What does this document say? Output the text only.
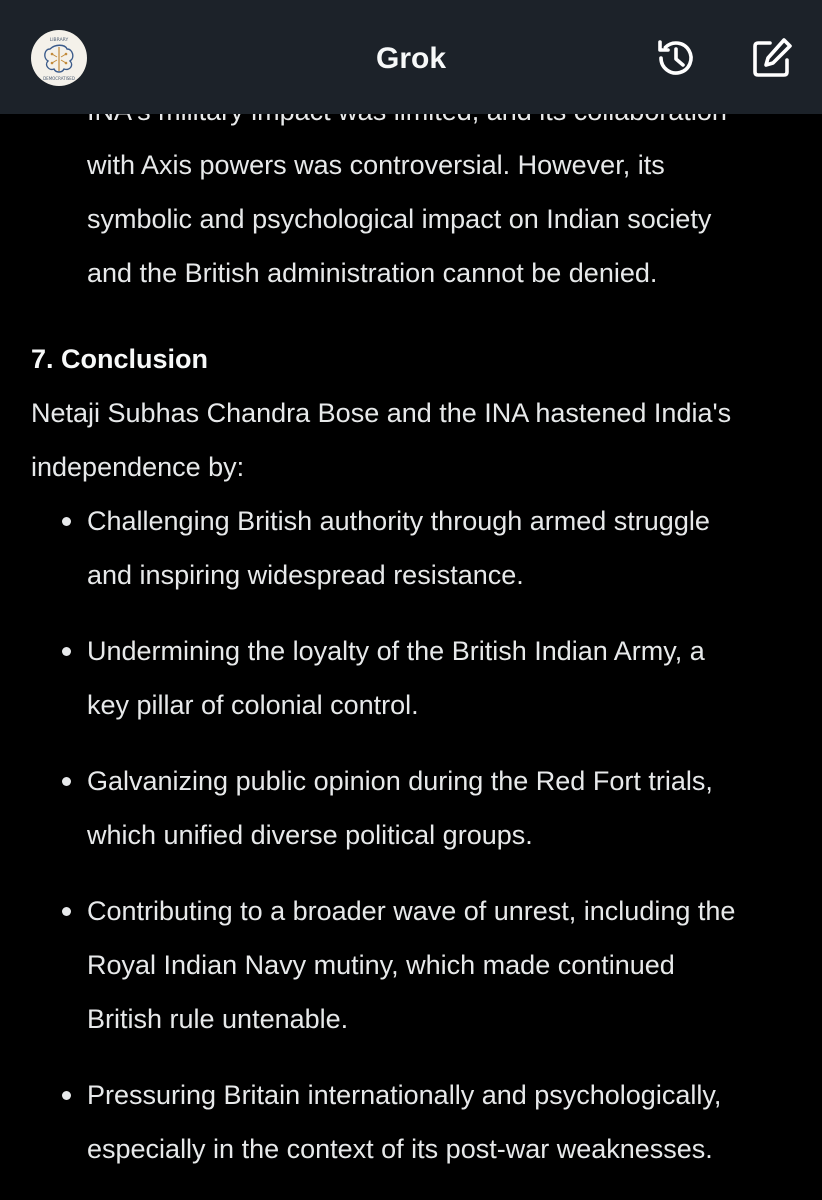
with Axis powers was controversial. However, its
symbolic and psychological impact on Indian society
and the British administration cannot be denied.
7. Conclusion
Netaji Subhas Chandra Bose and the INA hastened India's
independence by:
Challenging British authority through armed struggle
and inspiring widespread resistance.
Undermining the loyalty of the British Indian Army, a
key pillar of colonial control.
Galvanizing public opinion during the Red Fort trials,
which unified diverse political groups.
Contributing to a broader wave of unrest, including the
Royal Indian Navy mutiny, which made continued
British rule untenable.
Pressuring Britain internationally and psychologically,
especially in the context of its post-war weaknesses.
LIBRARY
DEMOCRATISED
Grok
